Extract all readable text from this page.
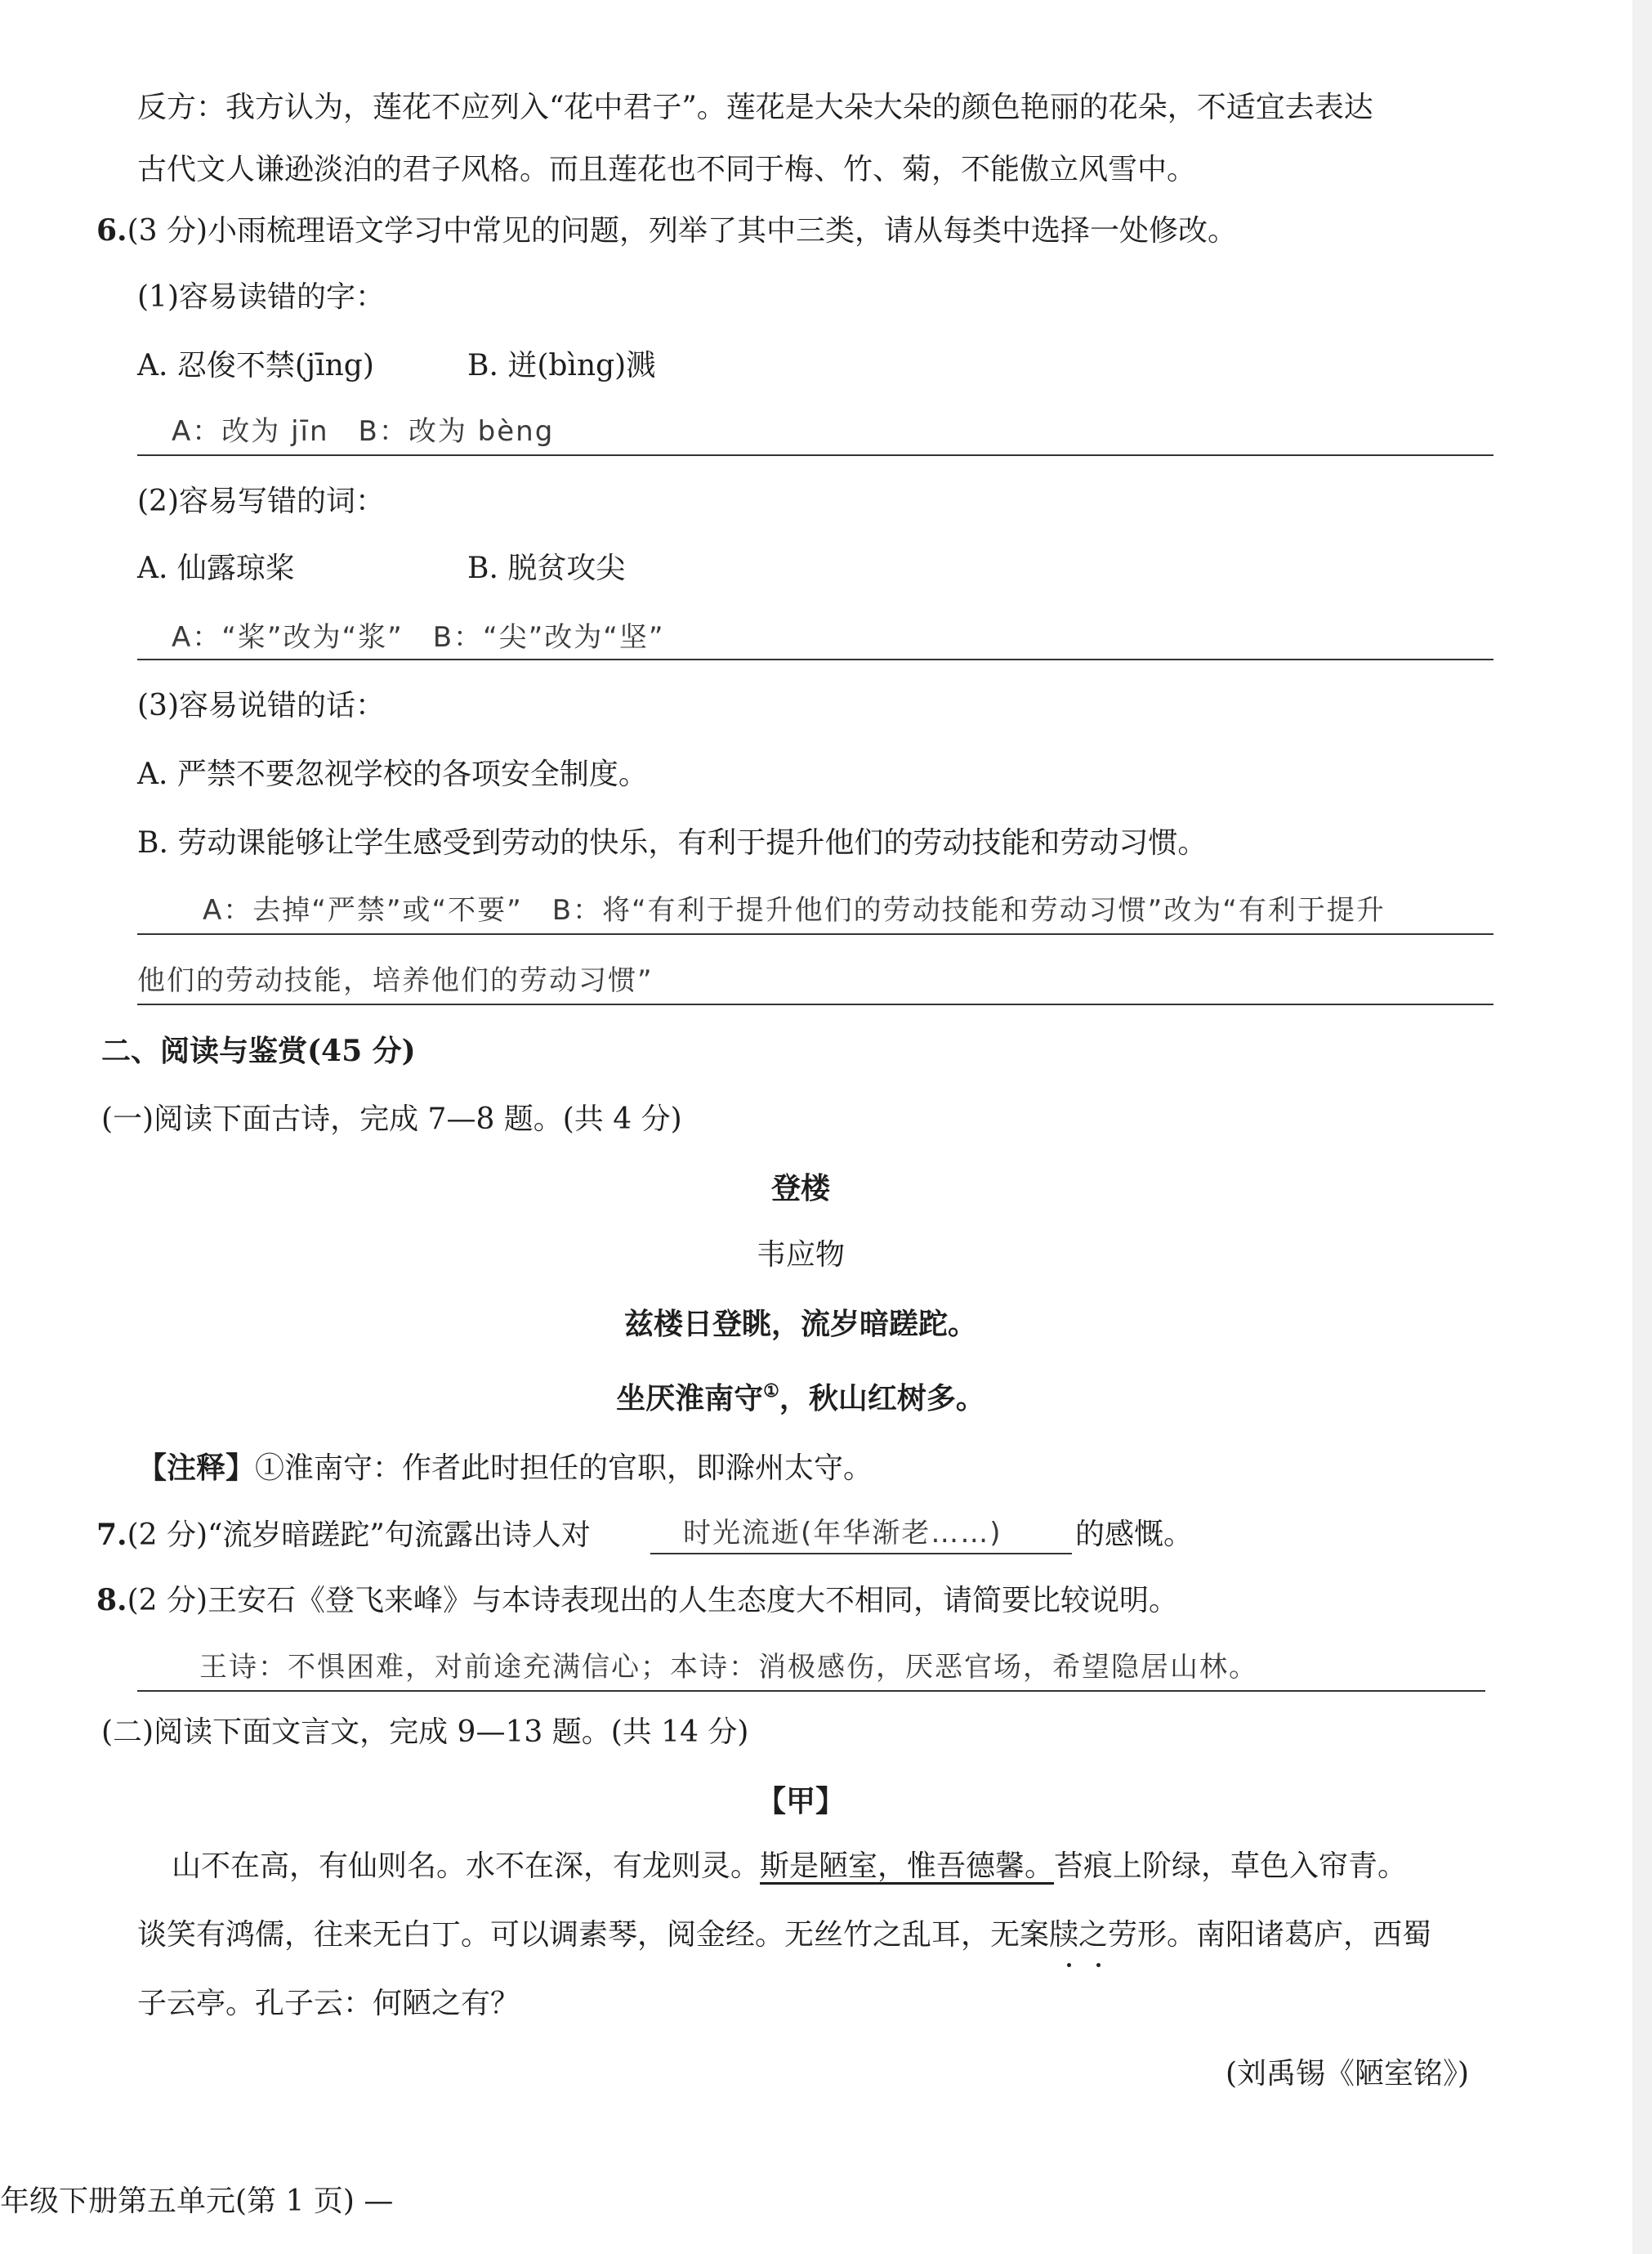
反方：我方认为，莲花不应列入“花中君子”。莲花是大朵大朵的颜色艳丽的花朵，不适宜去表达
古代文人谦逊淡泊的君子风格。而且莲花也不同于梅、竹、菊，不能傲立风雪中。
6.(3 分)小雨梳理语文学习中常见的问题，列举了其中三类，请从每类中选择一处修改。
(1)容易读错的字：
A. 忍俊不禁(jīng)	B. 迸(bìng)溅
A：改为 jīn　B：改为 bèng
(2)容易写错的词：
A. 仙露琼桨	B. 脱贫攻尖
A：“桨”改为“浆”　B：“尖”改为“坚”
(3)容易说错的话：
A. 严禁不要忽视学校的各项安全制度。
B. 劳动课能够让学生感受到劳动的快乐，有利于提升他们的劳动技能和劳动习惯。
A：去掉“严禁”或“不要”　B：将“有利于提升他们的劳动技能和劳动习惯”改为“有利于提升
他们的劳动技能，培养他们的劳动习惯”
二、阅读与鉴赏(45 分)
(一)阅读下面古诗，完成 7—8 题。(共 4 分)
登楼
韦应物
兹楼日登眺，流岁暗蹉跎。
坐厌淮南守①，秋山红树多。
【注释】①淮南守：作者此时担任的官职，即滁州太守。
7.(2 分)“流岁暗蹉跎”句流露出诗人对	时光流逝(年华渐老……) 的感慨。
8.(2 分)王安石《登飞来峰》与本诗表现出的人生态度大不相同，请简要比较说明。
王诗：不惧困难，对前途充满信心；本诗：消极感伤，厌恶官场，希望隐居山林。
(二)阅读下面文言文，完成 9—13 题。(共 14 分)
【甲】
山不在高，有仙则名。水不在深，有龙则灵。斯是陋室，惟吾德馨。苔痕上阶绿，草色入帘青。
谈笑有鸿儒，往来无白丁。可以调素琴，阅金经。无丝竹之乱耳，无案牍之劳形。南阳诸葛庐，西蜀
子云亭。孔子云：何陋之有？
(刘禹锡《陋室铭》)
年级下册第五单元(第 1 页) —
